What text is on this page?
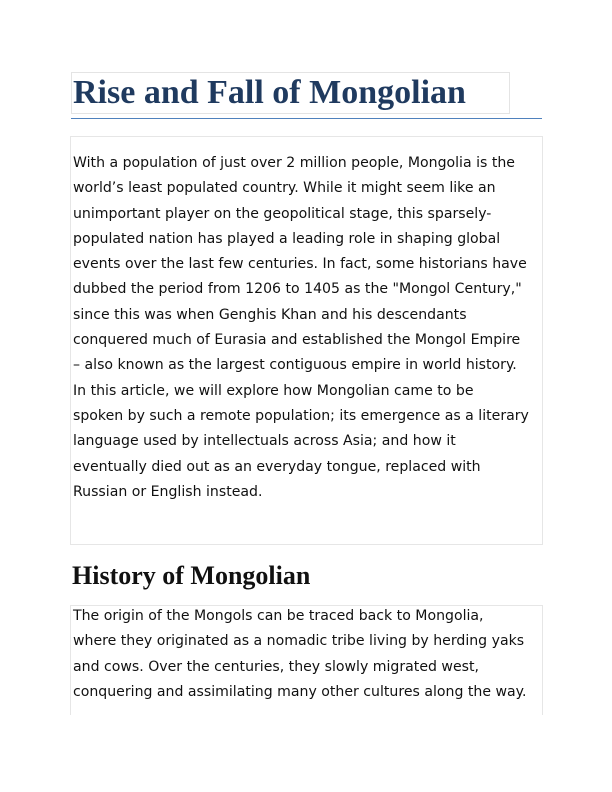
Rise and Fall of Mongolian
With a population of just over 2 million people, Mongolia is the
world’s least populated country. While it might seem like an
unimportant player on the geopolitical stage, this sparsely-
populated nation has played a leading role in shaping global
events over the last few centuries. In fact, some historians have
dubbed the period from 1206 to 1405 as the "Mongol Century,"
since this was when Genghis Khan and his descendants
conquered much of Eurasia and established the Mongol Empire
– also known as the largest contiguous empire in world history.
In this article, we will explore how Mongolian came to be
spoken by such a remote population; its emergence as a literary
language used by intellectuals across Asia; and how it
eventually died out as an everyday tongue, replaced with
Russian or English instead.
History of Mongolian
The origin of the Mongols can be traced back to Mongolia,
where they originated as a nomadic tribe living by herding yaks
and cows. Over the centuries, they slowly migrated west,
conquering and assimilating many other cultures along the way.
